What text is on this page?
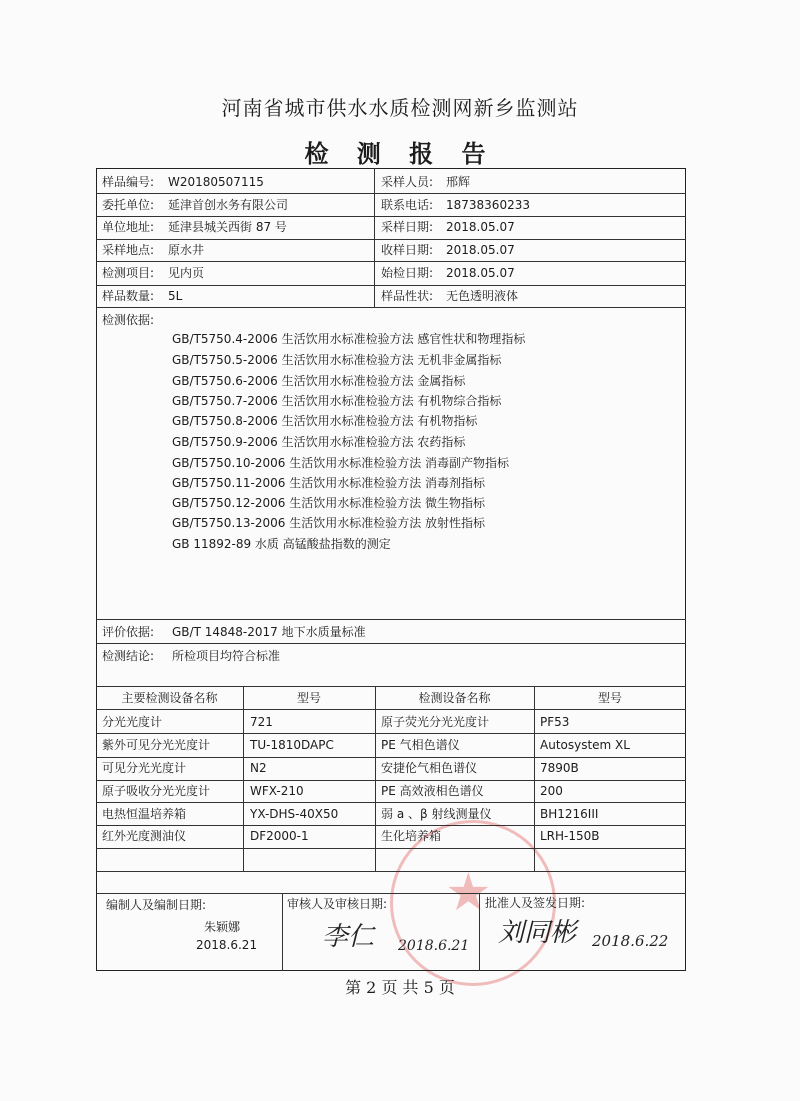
河南省城市供水水质检测网新乡监测站
检 测 报 告
★
样品编号: W20180507115	采样人员: 邢辉
委托单位: 延津首创水务有限公司	联系电话: 18738360233
单位地址: 延津县城关西街 87 号	采样日期: 2018.05.07
采样地点: 原水井	收样日期: 2018.05.07
检测项目: 见内页	始检日期: 2018.05.07
样品数量: 5L	样品性状: 无色透明液体
检测依据:
GB/T5750.4-2006 生活饮用水标准检验方法 感官性状和物理指标
GB/T5750.5-2006 生活饮用水标准检验方法 无机非金属指标
GB/T5750.6-2006 生活饮用水标准检验方法 金属指标
GB/T5750.7-2006 生活饮用水标准检验方法 有机物综合指标
GB/T5750.8-2006 生活饮用水标准检验方法 有机物指标
GB/T5750.9-2006 生活饮用水标准检验方法 农药指标
GB/T5750.10-2006 生活饮用水标准检验方法 消毒副产物指标
GB/T5750.11-2006 生活饮用水标准检验方法 消毒剂指标
GB/T5750.12-2006 生活饮用水标准检验方法 微生物指标
GB/T5750.13-2006 生活饮用水标准检验方法 放射性指标
GB 11892-89 水质 高锰酸盐指数的测定
评价依据: GB/T 14848-2017 地下水质量标准
检测结论: 所检项目均符合标准
主要检测设备名称	型号	检测设备名称	型号
分光光度计	721	原子荧光分光光度计	PF53
紫外可见分光光度计	TU-1810DAPC	PE 气相色谱仪	Autosystem XL
可见分光光度计	N2	安捷伦气相色谱仪	7890B
原子吸收分光光度计	WFX-210	PE 高效液相色谱仪	200
电热恒温培养箱	YX-DHS-40X50	弱 a 、β 射线测量仪	BH1216III
红外光度测油仪	DF2000-1	生化培养箱	LRH-150B
编制人及编制日期:
朱颖娜
2018.6.21
审核人及审核日期:
李仁 2018.6.21
批准人及签发日期:
刘同彬 2018.6.22
第 2 页 共 5 页
